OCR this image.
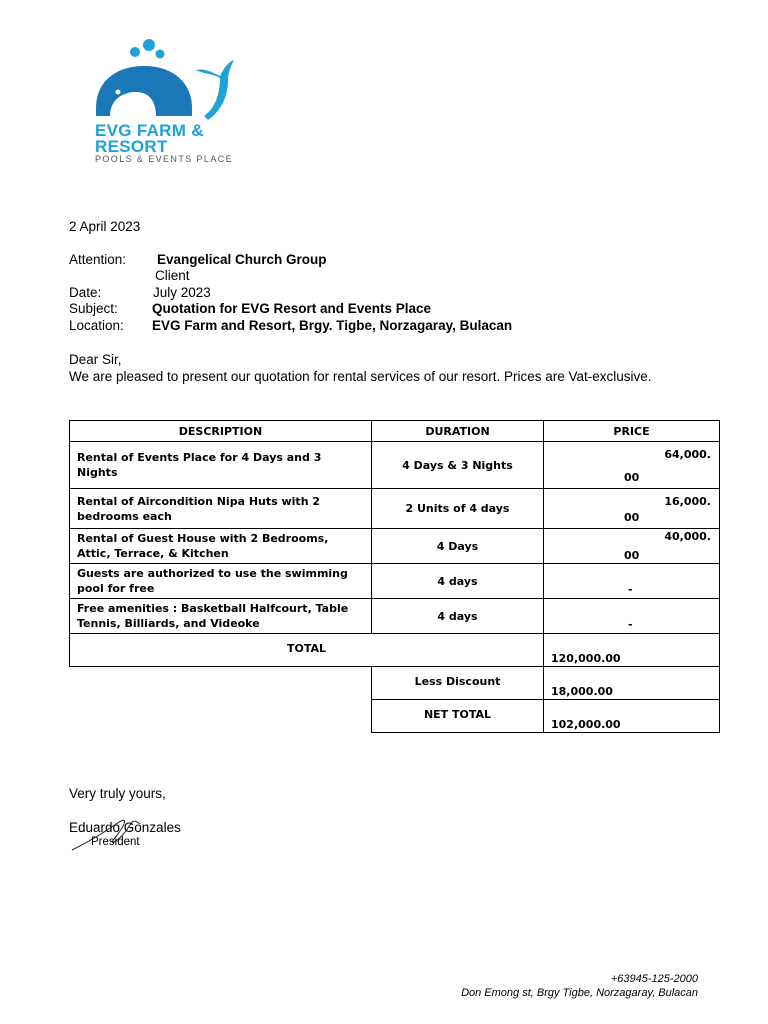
EVG FARM &
RESORT
POOLS & EVENTS PLACE
2 April 2023
Attention: Evangelical Church Group
Client
Date:	July 2023
Subject:	Quotation for EVG Resort and Events Place
Location: EVG Farm and Resort, Brgy. Tigbe, Norzagaray, Bulacan
Dear Sir,
We are pleased to present our quotation for rental services of our resort. Prices are Vat-exclusive.
DESCRIPTION	DURATION	PRICE
Rental of Events Place for 4 Days and 3 Nights	4 Days & 3 Nights	64,000.
00

Rental of Aircondition Nipa Huts with 2 bedrooms each	2 Units of 4 days	16,000.
00

Rental of Guest House with 2 Bedrooms, Attic, Terrace, & Kitchen	4 Days	40,000.
00

Guests are authorized to use the swimming pool for free	4 days	-

Free amenities : Basketball Halfcourt, Table Tennis, Billiards, and Videoke	4 days	-

TOTAL		120,000.00

	Less Discount	18,000.00

	NET TOTAL	102,000.00
Very truly yours,
Eduardo Gonzales
President
+63945-125-2000
Don Emong st, Brgy Tigbe, Norzagaray, Bulacan
